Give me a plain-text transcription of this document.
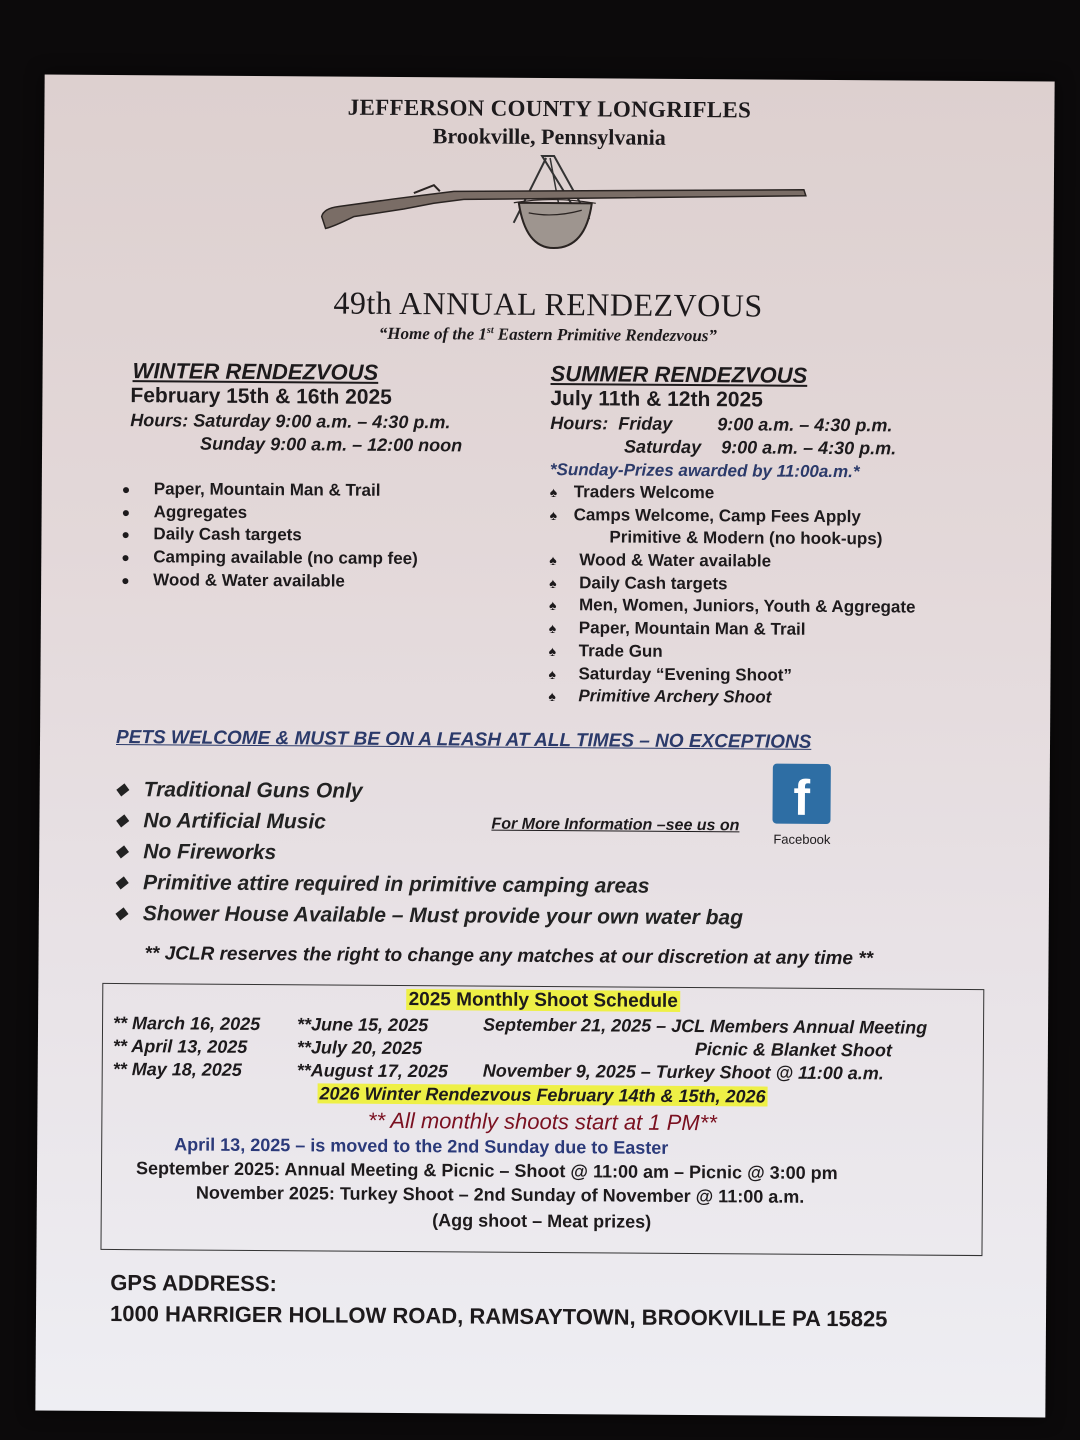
JEFFERSON COUNTY LONGRIFLES
Brookville, Pennsylvania
49th ANNUAL RENDEZVOUS
“Home of the 1st Eastern Primitive Rendezvous”
WINTER RENDEZVOUS
February 15th & 16th 2025
Hours: Saturday 9:00 a.m. – 4:30 p.m.
Sunday 9:00 a.m. – 12:00 noon
● Paper, Mountain Man & Trail
● Aggregates
● Daily Cash targets
● Camping available (no camp fee)
● Wood & Water available
SUMMER RENDEZVOUS
July 11th & 12th 2025
Hours:  Friday         9:00 a.m. – 4:30 p.m.
Saturday    9:00 a.m. – 4:30 p.m.
*Sunday-Prizes awarded by 11:00a.m.*
♠ Traders Welcome
♠ Camps Welcome, Camp Fees Apply
Primitive & Modern (no hook-ups)
♠ Wood & Water available
♠ Daily Cash targets
♠ Men, Women, Juniors, Youth & Aggregate
♠ Paper, Mountain Man & Trail
♠ Trade Gun
♠ Saturday “Evening Shoot”
♠ Primitive Archery Shoot
PETS WELCOME & MUST BE ON A LEASH AT ALL TIMES – NO EXCEPTIONS
◆ Traditional Guns Only
◆ No Artificial Music
◆ No Fireworks
◆ Primitive attire required in primitive camping areas
◆ Shower House Available – Must provide your own water bag
For More Information –see us on	f
Facebook
** JCLR reserves the right to change any matches at our discretion at any time **
2025 Monthly Shoot Schedule
** March 16, 2025
** April 13, 2025
** May 18, 2025
**June 15, 2025
**July 20, 2025
**August 17, 2025
September 21, 2025 – JCL Members Annual Meeting
Picnic & Blanket Shoot
November 9, 2025 – Turkey Shoot @ 11:00 a.m.
2026 Winter Rendezvous February 14th & 15th, 2026
** All monthly shoots start at 1 PM**
April 13, 2025 – is moved to the 2nd Sunday due to Easter
September 2025: Annual Meeting & Picnic – Shoot @ 11:00 am – Picnic @ 3:00 pm
November 2025: Turkey Shoot – 2nd Sunday of November @ 11:00 a.m.
(Agg shoot – Meat prizes)
GPS ADDRESS:
1000 HARRIGER HOLLOW ROAD, RAMSAYTOWN, BROOKVILLE PA 15825
